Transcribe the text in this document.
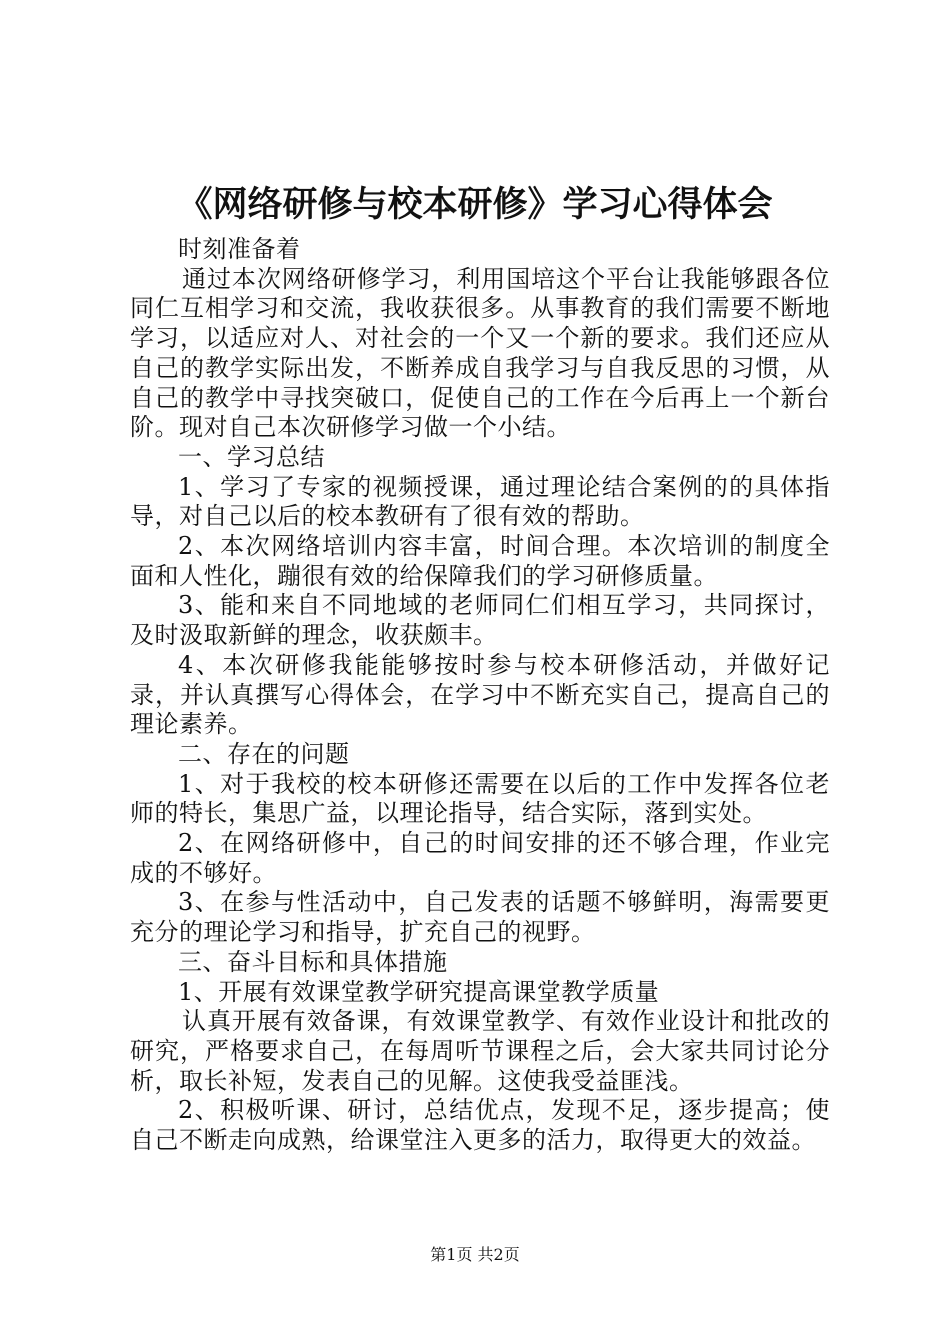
《网络研修与校本研修》学习心得体会

时刻准备着

通过本次网络研修学习，利用国培这个平台让我能够跟各位同仁互相学习和交流，我收获很多。从事教育的我们需要不断地学习，以适应对人、对社会的一个又一个新的要求。我们还应从自己的教学实际出发，不断养成自我学习与自我反思的习惯，从自己的教学中寻找突破口，促使自己的工作在今后再上一个新台阶。现对自己本次研修学习做一个小结。

一、学习总结

1、学习了专家的视频授课，通过理论结合案例的的具体指导，对自己以后的校本教研有了很有效的帮助。

2、本次网络培训内容丰富，时间合理。本次培训的制度全面和人性化，蹦很有效的给保障我们的学习研修质量。

3、能和来自不同地域的老师同仁们相互学习，共同探讨，及时汲取新鲜的理念，收获颇丰。

4、本次研修我能能够按时参与校本研修活动，并做好记录，并认真撰写心得体会，在学习中不断充实自己，提高自己的理论素养。

二、存在的问题

1、对于我校的校本研修还需要在以后的工作中发挥各位老师的特长，集思广益，以理论指导，结合实际，落到实处。

2、在网络研修中，自己的时间安排的还不够合理，作业完成的不够好。

3、在参与性活动中，自己发表的话题不够鲜明，海需要更充分的理论学习和指导，扩充自己的视野。

三、奋斗目标和具体措施

1、开展有效课堂教学研究提高课堂教学质量

认真开展有效备课，有效课堂教学、有效作业设计和批改的研究，严格要求自己，在每周听节课程之后，会大家共同讨论分析，取长补短，发表自己的见解。这使我受益匪浅。

2、积极听课、研讨，总结优点，发现不足，逐步提高；使自己不断走向成熟，给课堂注入更多的活力，取得更大的效益。

第1页 共2页
